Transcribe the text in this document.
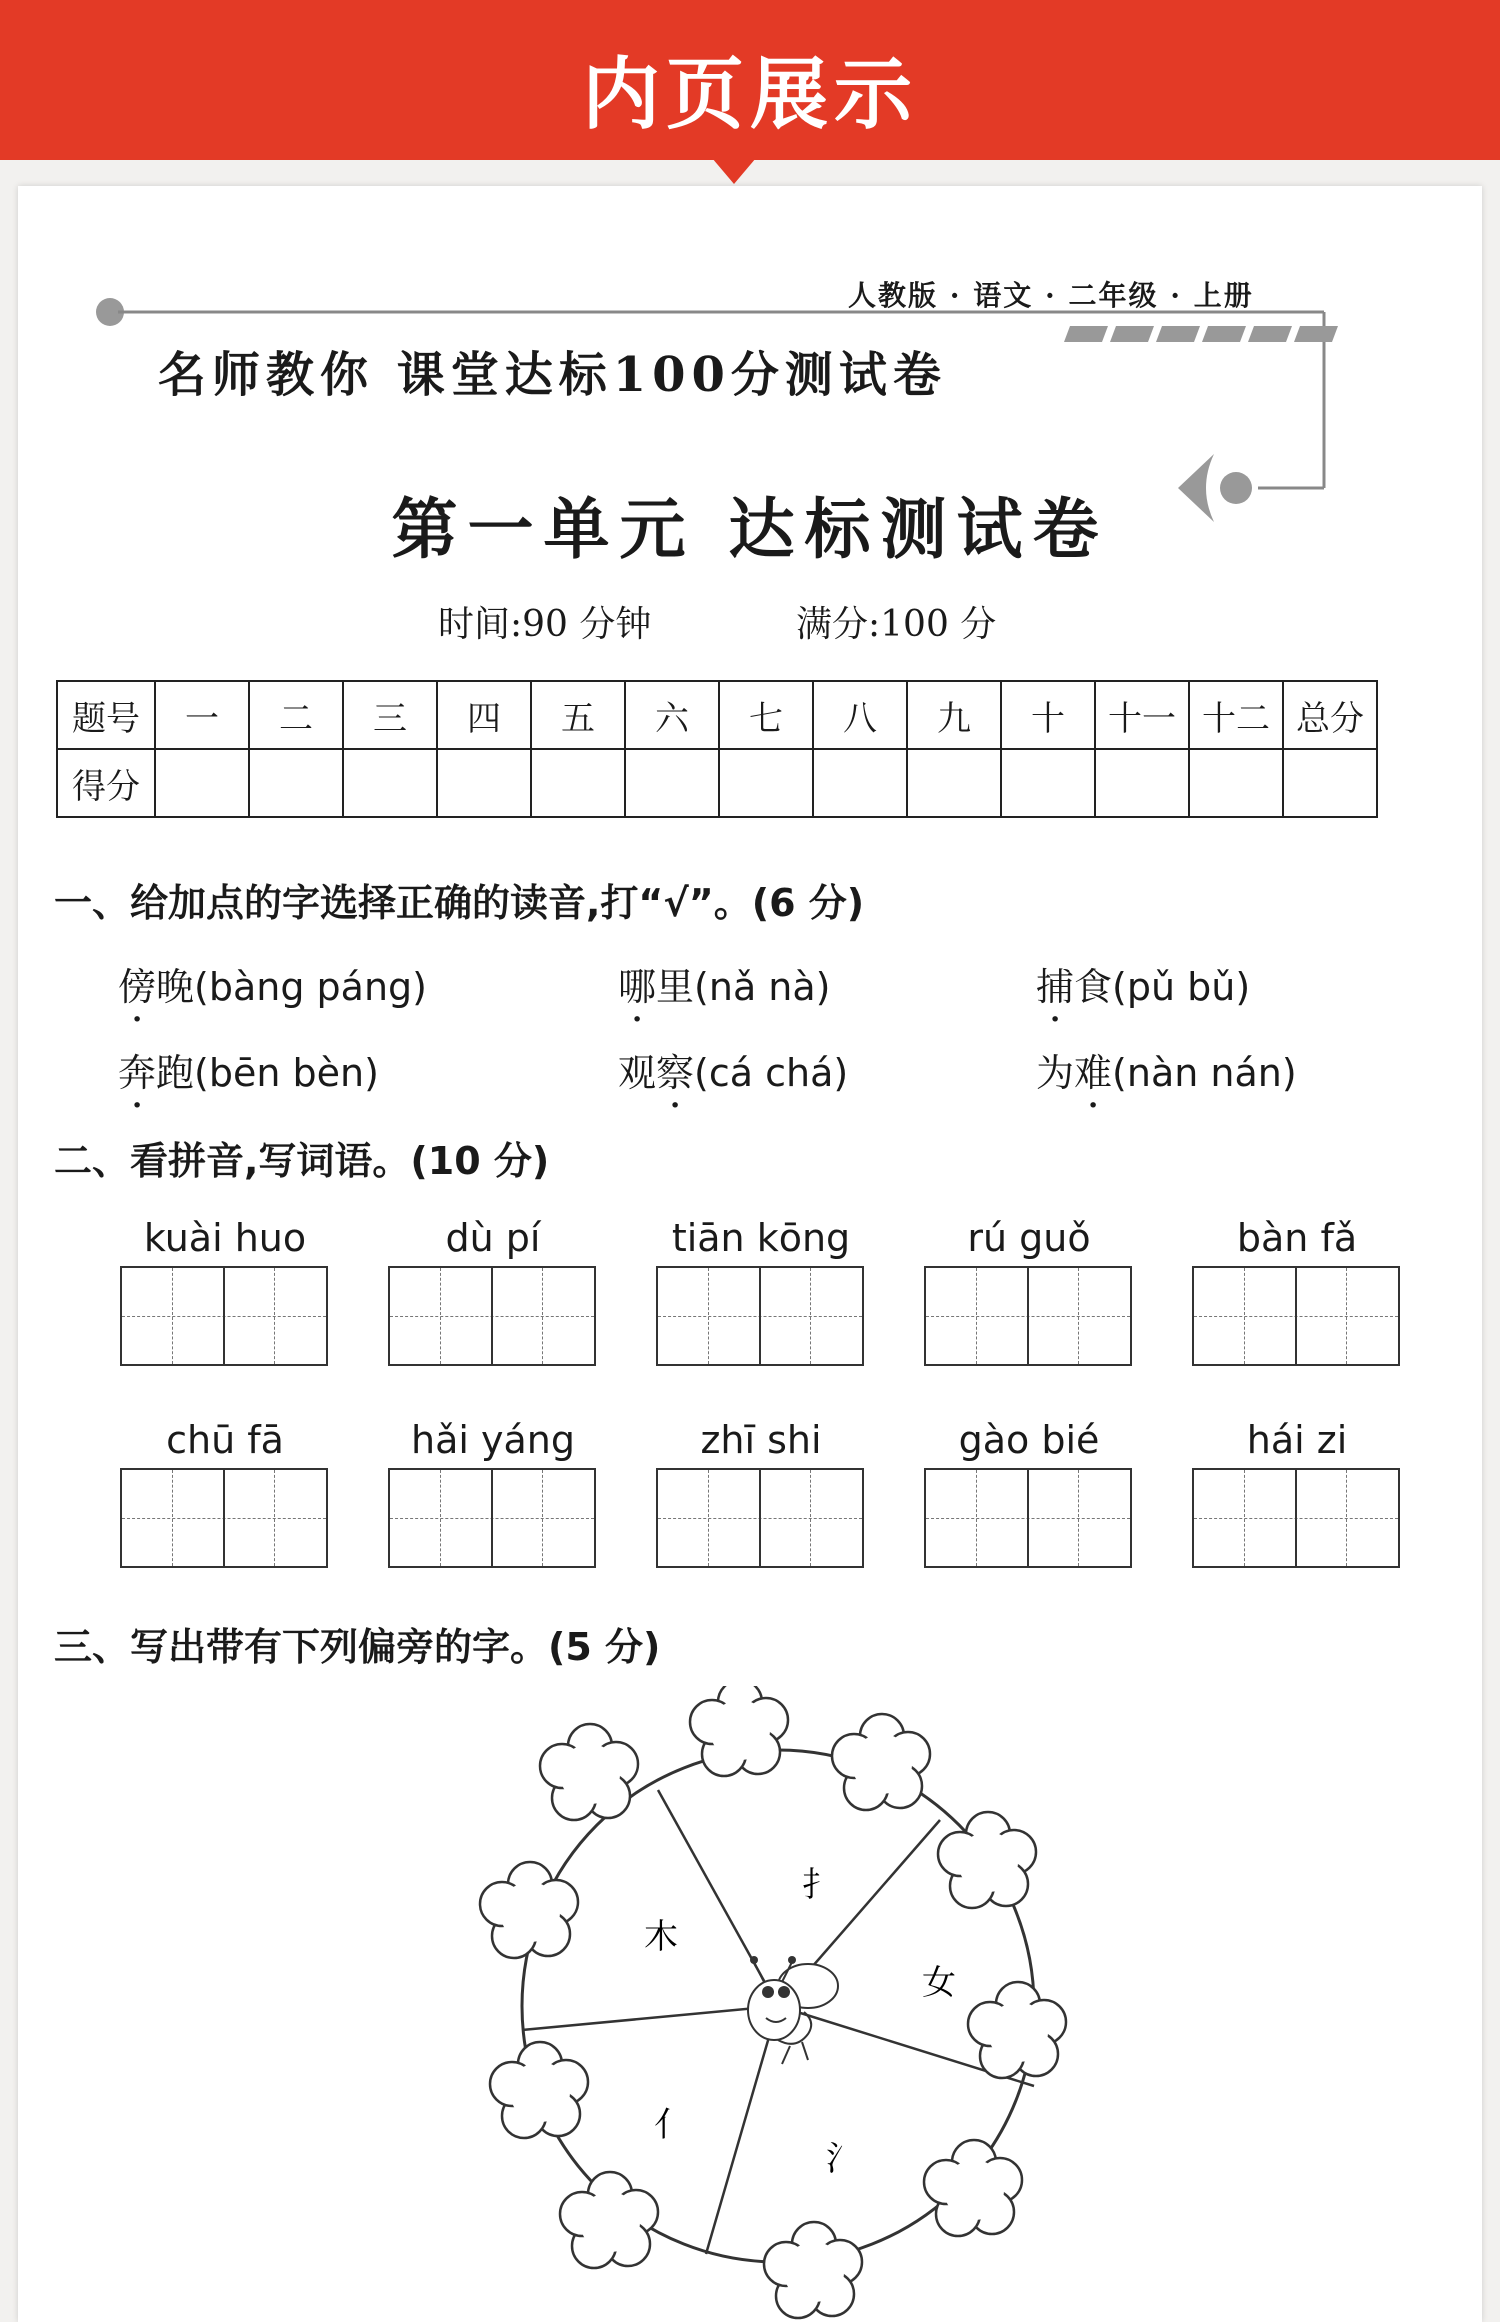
内页展示
人教版 · 语文 · 二年级 · 上册
名师教你 课堂达标100分测试卷
第一单元 达标测试卷
时间:90 分钟	满分:100 分
题号	一	二	三	四	五	六	七	八	九	十	十一	十二	总分
得分													
一、给加点的字选择正确的读音,打“√”。(6 分)
傍晚(bàng páng)	哪里(nǎ nà)	捕食(pǔ bǔ)
奔跑(bēn bèn)	观察(cá chá)	为难(nàn nán)
二、看拼音,写词语。(10 分)
kuài huo	dù pí	tiān kōng	rú guǒ	bàn fǎ
chū fā	hǎi yáng	zhī shi	gào bié	hái zi
三、写出带有下列偏旁的字。(5 分)
扌
木
女
亻
氵
